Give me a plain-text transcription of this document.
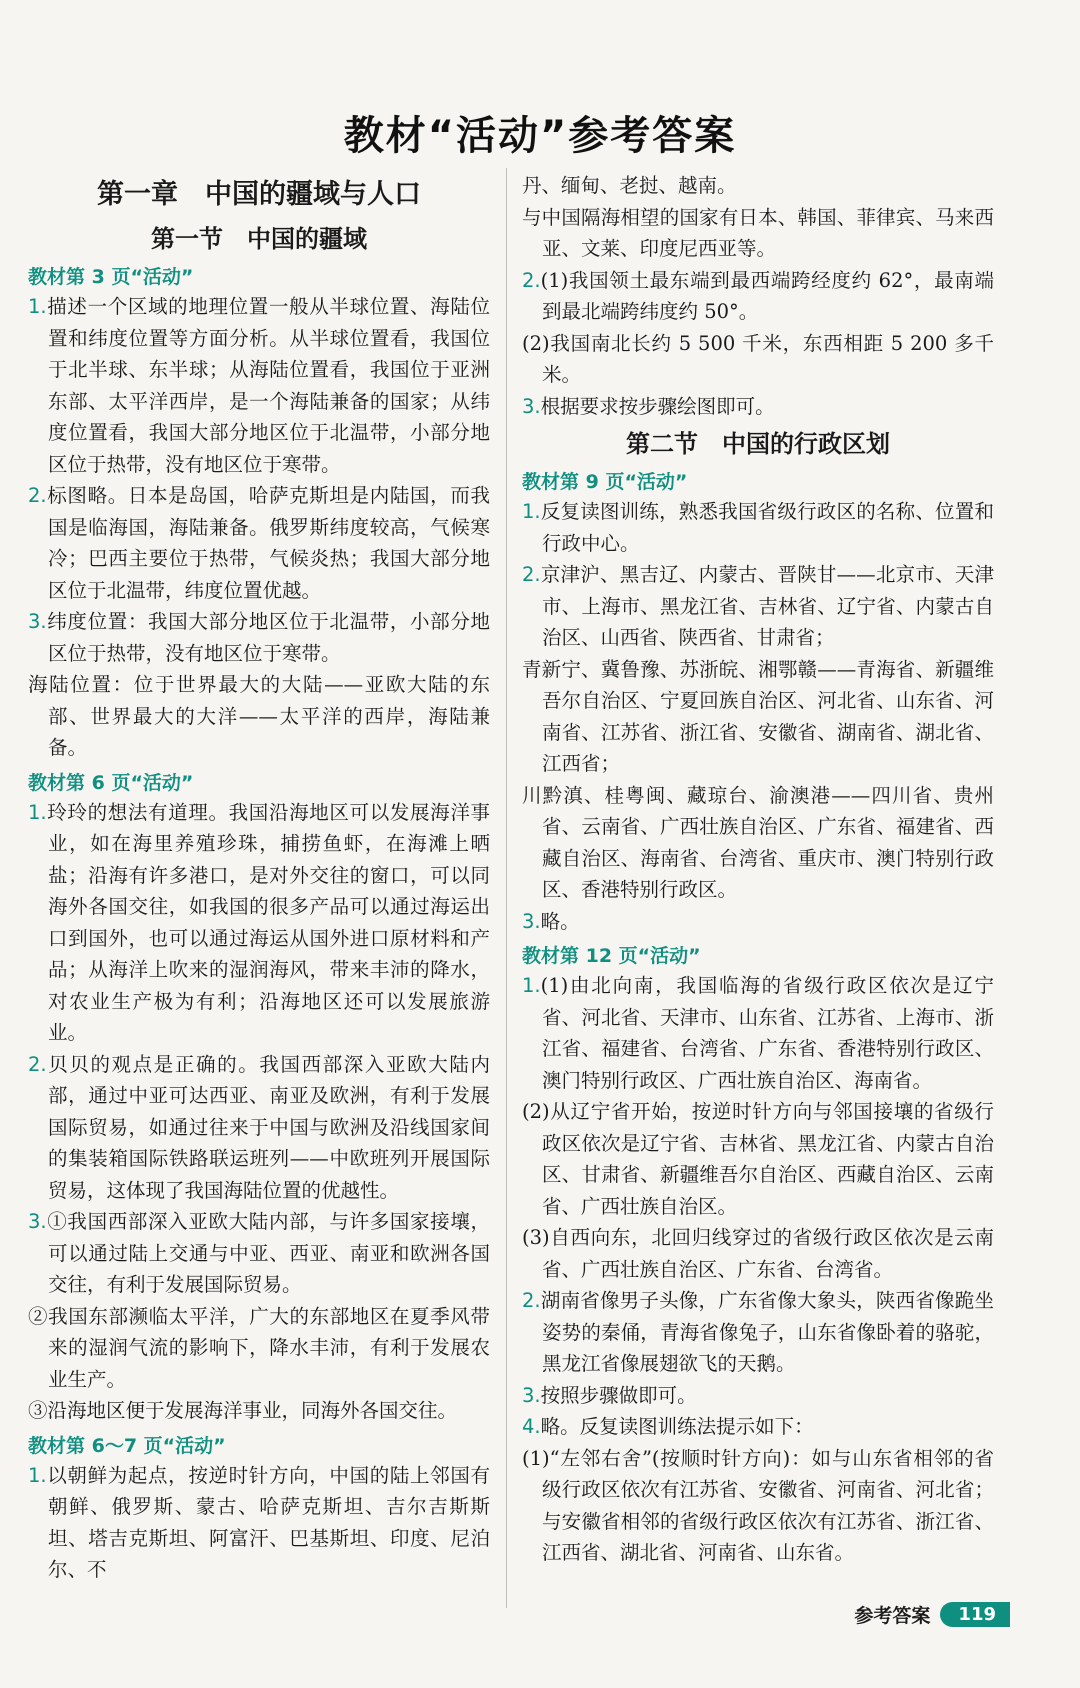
教材“活动”参考答案
第一章　中国的疆域与人口
第一节　中国的疆域
教材第 3 页“活动”

1.描述一个区域的地理位置一般从半球位置、海陆位置和纬度位置等方面分析。从半球位置看，我国位于北半球、东半球；从海陆位置看，我国位于亚洲东部、太平洋西岸，是一个海陆兼备的国家；从纬度位置看，我国大部分地区位于北温带，小部分地区位于热带，没有地区位于寒带。

2.标图略。日本是岛国，哈萨克斯坦是内陆国，而我国是临海国，海陆兼备。俄罗斯纬度较高，气候寒冷；巴西主要位于热带，气候炎热；我国大部分地区位于北温带，纬度位置优越。

3.纬度位置：我国大部分地区位于北温带，小部分地区位于热带，没有地区位于寒带。

海陆位置：位于世界最大的大陆——亚欧大陆的东部、世界最大的大洋——太平洋的西岸，海陆兼备。

教材第 6 页“活动”

1.玲玲的想法有道理。我国沿海地区可以发展海洋事业，如在海里养殖珍珠，捕捞鱼虾，在海滩上晒盐；沿海有许多港口，是对外交往的窗口，可以同海外各国交往，如我国的很多产品可以通过海运出口到国外，也可以通过海运从国外进口原材料和产品；从海洋上吹来的湿润海风，带来丰沛的降水，对农业生产极为有利；沿海地区还可以发展旅游业。

2.贝贝的观点是正确的。我国西部深入亚欧大陆内部，通过中亚可达西亚、南亚及欧洲，有利于发展国际贸易，如通过往来于中国与欧洲及沿线国家间的集装箱国际铁路联运班列——中欧班列开展国际贸易，这体现了我国海陆位置的优越性。

3.①我国西部深入亚欧大陆内部，与许多国家接壤，可以通过陆上交通与中亚、西亚、南亚和欧洲各国交往，有利于发展国际贸易。

②我国东部濒临太平洋，广大的东部地区在夏季风带来的湿润气流的影响下，降水丰沛，有利于发展农业生产。

③沿海地区便于发展海洋事业，同海外各国交往。

教材第 6～7 页“活动”

1.以朝鲜为起点，按逆时针方向，中国的陆上邻国有朝鲜、俄罗斯、蒙古、哈萨克斯坦、吉尔吉斯斯坦、塔吉克斯坦、阿富汗、巴基斯坦、印度、尼泊尔、不

丹、缅甸、老挝、越南。

与中国隔海相望的国家有日本、韩国、菲律宾、马来西亚、文莱、印度尼西亚等。

2.(1)我国领土最东端到最西端跨经度约 62°，最南端到最北端跨纬度约 50°。

(2)我国南北长约 5 500 千米，东西相距 5 200 多千米。

3.根据要求按步骤绘图即可。

第二节　中国的行政区划
教材第 9 页“活动”

1.反复读图训练，熟悉我国省级行政区的名称、位置和行政中心。

2.京津沪、黑吉辽、内蒙古、晋陕甘——北京市、天津市、上海市、黑龙江省、吉林省、辽宁省、内蒙古自治区、山西省、陕西省、甘肃省；

青新宁、冀鲁豫、苏浙皖、湘鄂赣——青海省、新疆维吾尔自治区、宁夏回族自治区、河北省、山东省、河南省、江苏省、浙江省、安徽省、湖南省、湖北省、江西省；

川黔滇、桂粤闽、藏琼台、渝澳港——四川省、贵州省、云南省、广西壮族自治区、广东省、福建省、西藏自治区、海南省、台湾省、重庆市、澳门特别行政区、香港特别行政区。

3.略。

教材第 12 页“活动”

1.(1)由北向南，我国临海的省级行政区依次是辽宁省、河北省、天津市、山东省、江苏省、上海市、浙江省、福建省、台湾省、广东省、香港特别行政区、澳门特别行政区、广西壮族自治区、海南省。

(2)从辽宁省开始，按逆时针方向与邻国接壤的省级行政区依次是辽宁省、吉林省、黑龙江省、内蒙古自治区、甘肃省、新疆维吾尔自治区、西藏自治区、云南省、广西壮族自治区。

(3)自西向东，北回归线穿过的省级行政区依次是云南省、广西壮族自治区、广东省、台湾省。

2.湖南省像男子头像，广东省像大象头，陕西省像跪坐姿势的秦俑，青海省像兔子，山东省像卧着的骆驼，黑龙江省像展翅欲飞的天鹅。

3.按照步骤做即可。

4.略。反复读图训练法提示如下：

(1)“左邻右舍”(按顺时针方向)：如与山东省相邻的省级行政区依次有江苏省、安徽省、河南省、河北省；与安徽省相邻的省级行政区依次有江苏省、浙江省、江西省、湖北省、河南省、山东省。

参考答案	119
